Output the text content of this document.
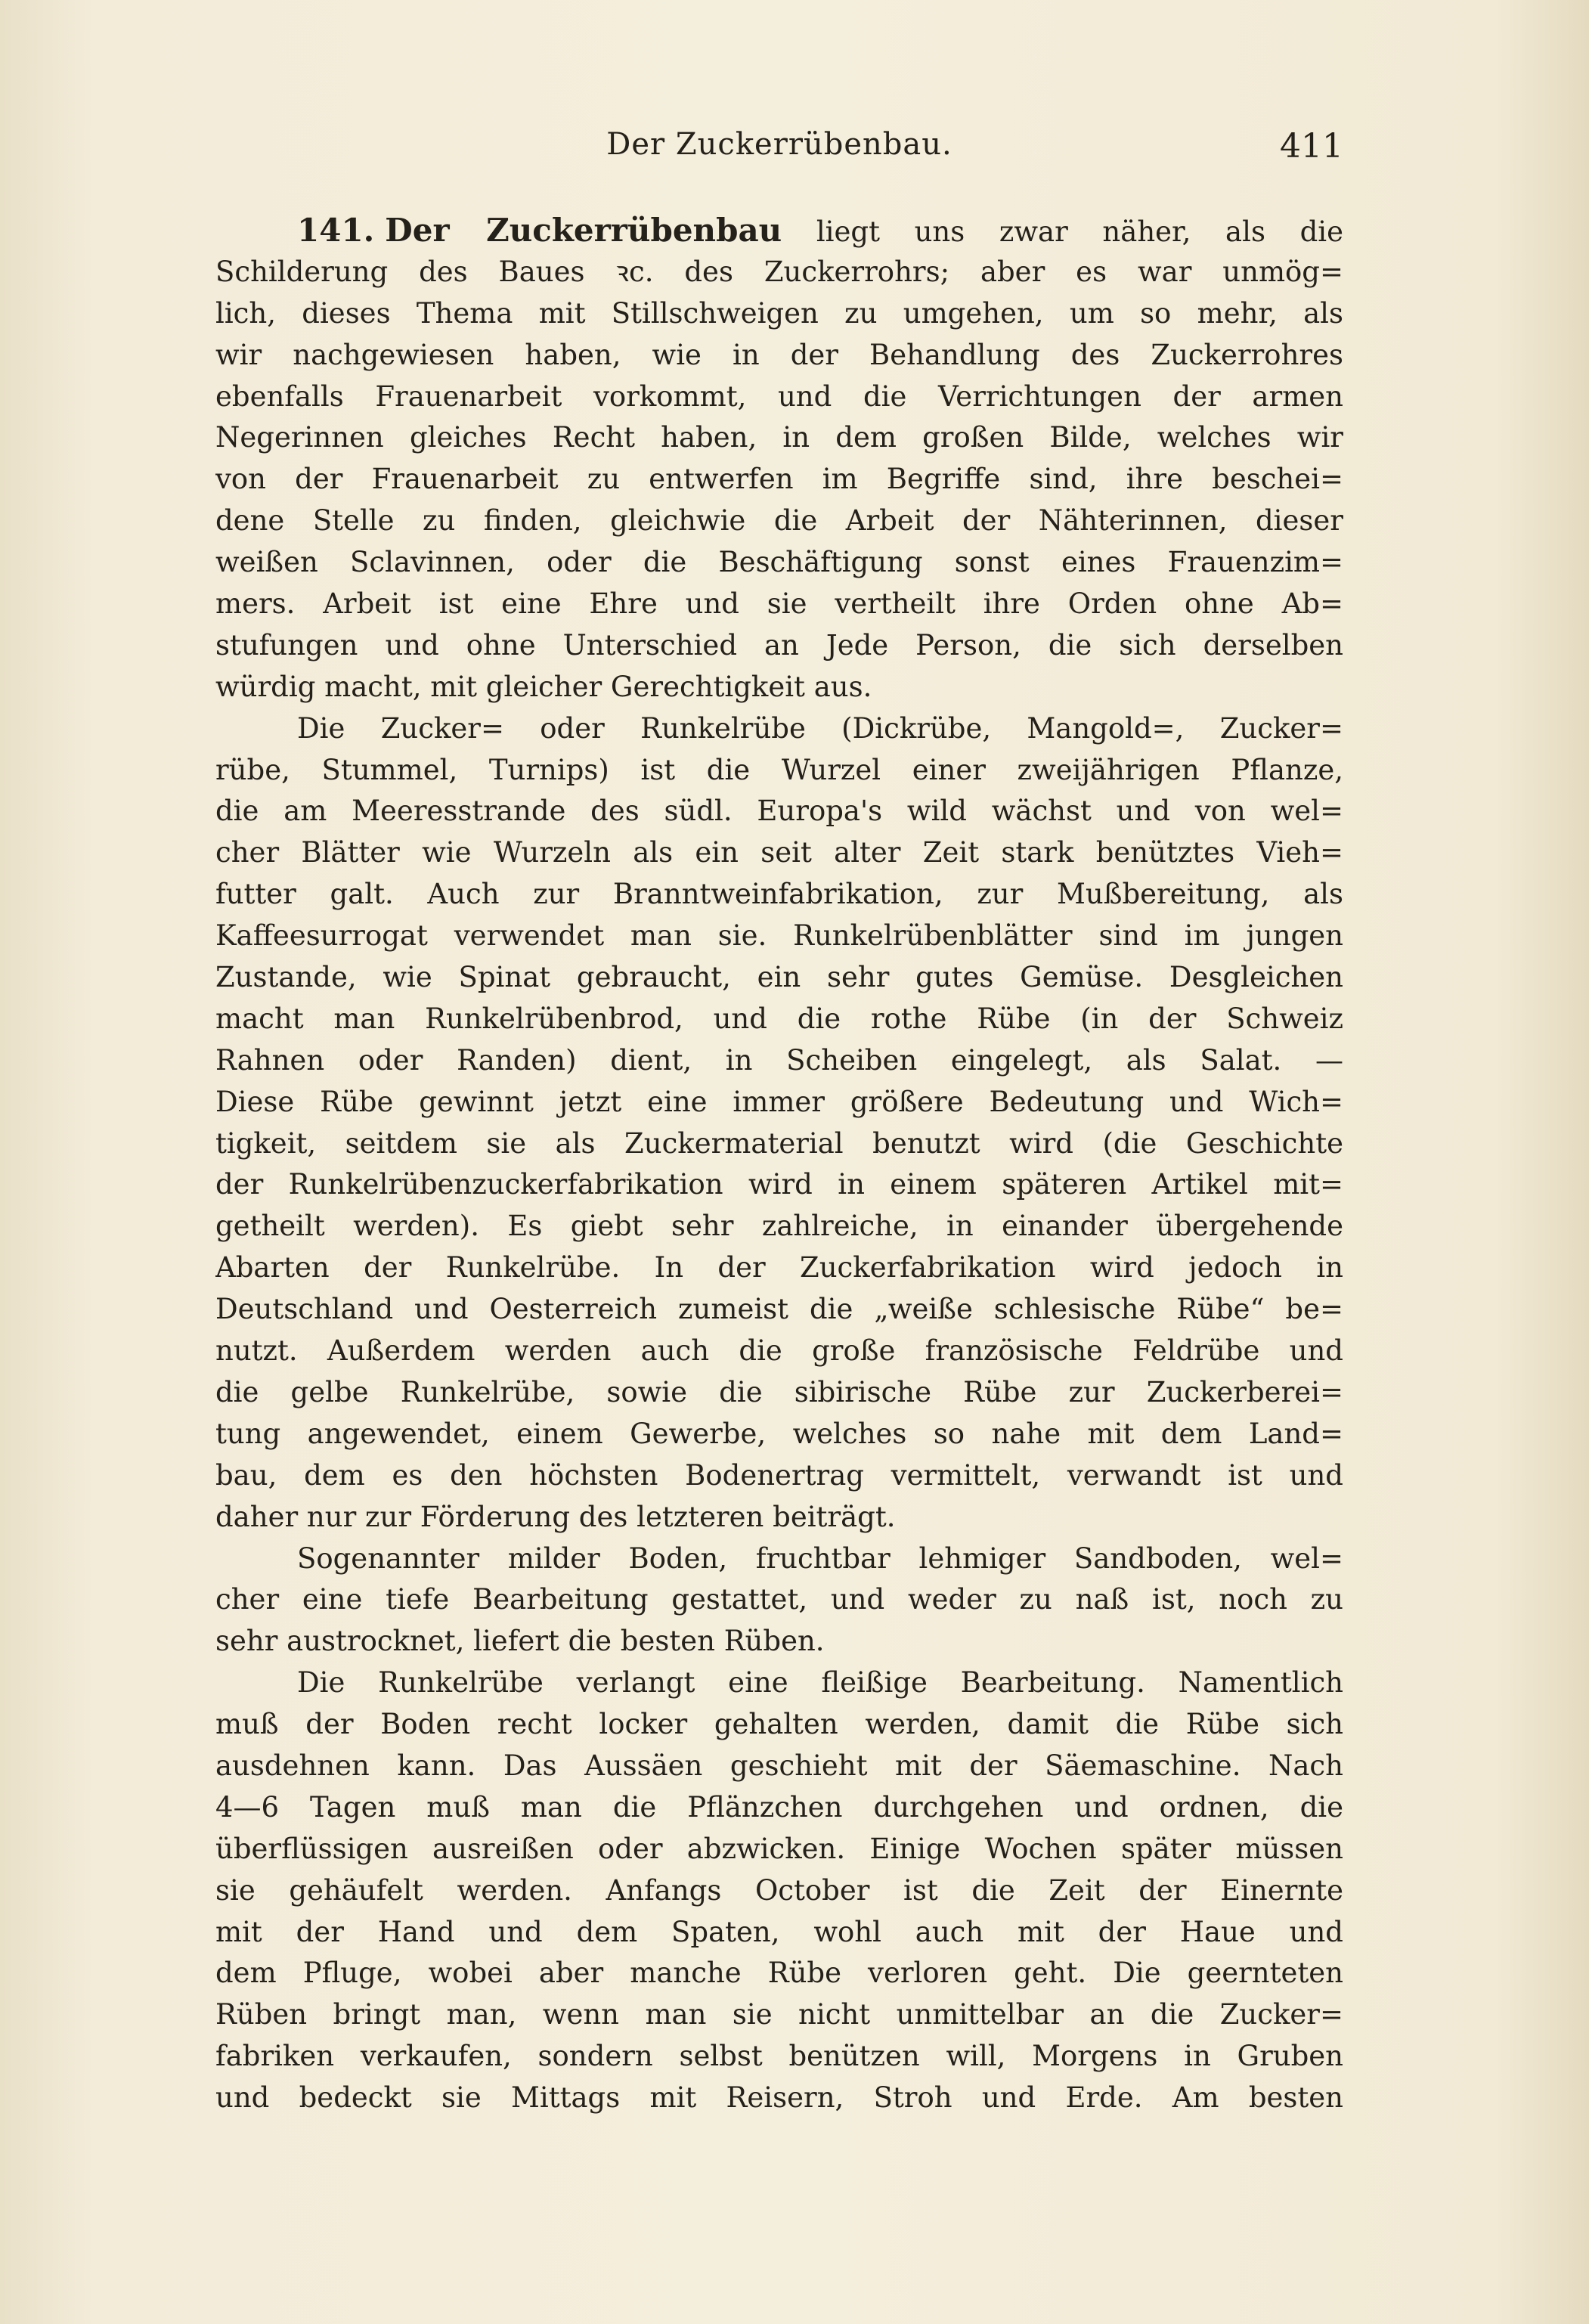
Der Zuckerrübenbau.	411
141. Der Zuckerrübenbau liegt uns zwar näher, als die
Schilderung des Baues ꝛc. des Zuckerrohrs; aber es war unmög=
lich, dieses Thema mit Stillschweigen zu umgehen, um so mehr, als
wir nachgewiesen haben, wie in der Behandlung des Zuckerrohres
ebenfalls Frauenarbeit vorkommt, und die Verrichtungen der armen
Negerinnen gleiches Recht haben, in dem großen Bilde, welches wir
von der Frauenarbeit zu entwerfen im Begriffe sind, ihre beschei=
dene Stelle zu finden, gleichwie die Arbeit der Nähterinnen, dieser
weißen Sclavinnen, oder die Beschäftigung sonst eines Frauenzim=
mers. Arbeit ist eine Ehre und sie vertheilt ihre Orden ohne Ab=
stufungen und ohne Unterschied an Jede Person, die sich derselben
würdig macht, mit gleicher Gerechtigkeit aus.
Die Zucker= oder Runkelrübe (Dickrübe, Mangold=, Zucker=
rübe, Stummel, Turnips) ist die Wurzel einer zweijährigen Pflanze,
die am Meeresstrande des südl. Europa's wild wächst und von wel=
cher Blätter wie Wurzeln als ein seit alter Zeit stark benütztes Vieh=
futter galt. Auch zur Branntweinfabrikation, zur Mußbereitung, als
Kaffeesurrogat verwendet man sie. Runkelrübenblätter sind im jungen
Zustande, wie Spinat gebraucht, ein sehr gutes Gemüse. Desgleichen
macht man Runkelrübenbrod, und die rothe Rübe (in der Schweiz
Rahnen oder Randen) dient, in Scheiben eingelegt, als Salat. —
Diese Rübe gewinnt jetzt eine immer größere Bedeutung und Wich=
tigkeit, seitdem sie als Zuckermaterial benutzt wird (die Geschichte
der Runkelrübenzuckerfabrikation wird in einem späteren Artikel mit=
getheilt werden). Es giebt sehr zahlreiche, in einander übergehende
Abarten der Runkelrübe. In der Zuckerfabrikation wird jedoch in
Deutschland und Oesterreich zumeist die „weiße schlesische Rübe“ be=
nutzt. Außerdem werden auch die große französische Feldrübe und
die gelbe Runkelrübe, sowie die sibirische Rübe zur Zuckerberei=
tung angewendet, einem Gewerbe, welches so nahe mit dem Land=
bau, dem es den höchsten Bodenertrag vermittelt, verwandt ist und
daher nur zur Förderung des letzteren beiträgt.
Sogenannter milder Boden, fruchtbar lehmiger Sandboden, wel=
cher eine tiefe Bearbeitung gestattet, und weder zu naß ist, noch zu
sehr austrocknet, liefert die besten Rüben.
Die Runkelrübe verlangt eine fleißige Bearbeitung. Namentlich
muß der Boden recht locker gehalten werden, damit die Rübe sich
ausdehnen kann. Das Aussäen geschieht mit der Säemaschine. Nach
4—6 Tagen muß man die Pflänzchen durchgehen und ordnen, die
überflüssigen ausreißen oder abzwicken. Einige Wochen später müssen
sie gehäufelt werden. Anfangs October ist die Zeit der Einernte
mit der Hand und dem Spaten, wohl auch mit der Haue und
dem Pfluge, wobei aber manche Rübe verloren geht. Die geernteten
Rüben bringt man, wenn man sie nicht unmittelbar an die Zucker=
fabriken verkaufen, sondern selbst benützen will, Morgens in Gruben
und bedeckt sie Mittags mit Reisern, Stroh und Erde. Am besten
